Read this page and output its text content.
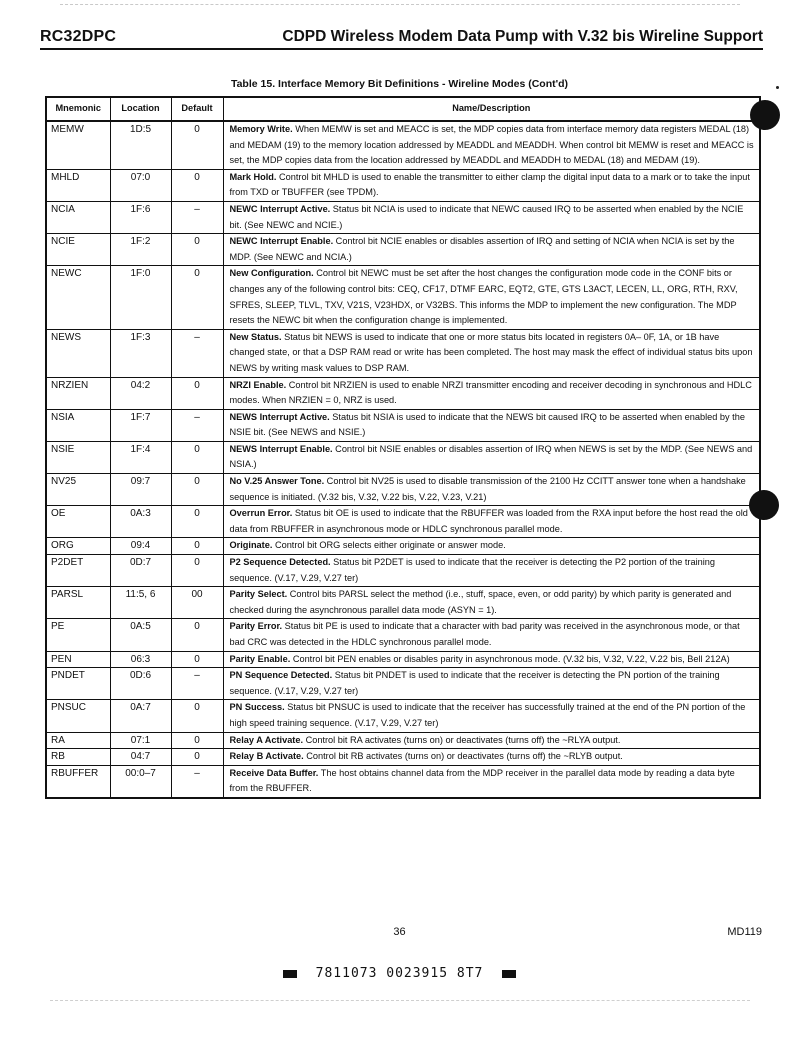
RC32DPC	CDPD Wireless Modem Data Pump with V.32 bis Wireline Support
Table 15. Interface Memory Bit Definitions - Wireline Modes (Cont'd)
Mnemonic	Location	Default	Name/Description
MEMW	1D:5	0	Memory Write. When MEMW is set and MEACC is set, the MDP copies data from interface memory data registers MEDAL (18) and MEDAM (19) to the memory location addressed by MEADDL and MEADDH. When control bit MEMW is reset and MEACC is set, the MDP copies data from the location addressed by MEADDL and MEADDH to MEDAL (18) and MEDAM (19).
MHLD	07:0	0	Mark Hold. Control bit MHLD is used to enable the transmitter to either clamp the digital input data to a mark or to take the input from TXD or TBUFFER (see TPDM).
NCIA	1F:6	–	NEWC Interrupt Active. Status bit NCIA is used to indicate that NEWC caused IRQ to be asserted when enabled by the NCIE bit. (See NEWC and NCIE.)
NCIE	1F:2	0	NEWC Interrupt Enable. Control bit NCIE enables or disables assertion of IRQ and setting of NCIA when NCIA is set by the MDP. (See NEWC and NCIA.)
NEWC	1F:0	0	New Configuration. Control bit NEWC must be set after the host changes the configuration mode code in the CONF bits or changes any of the following control bits: CEQ, CF17, DTMF EARC, EQT2, GTE, GTS L3ACT, LECEN, LL, ORG, RTH, RXV, SFRES, SLEEP, TLVL, TXV, V21S, V23HDX, or V32BS. This informs the MDP to implement the new configuration. The MDP resets the NEWC bit when the configuration change is implemented.
NEWS	1F:3	–	New Status. Status bit NEWS is used to indicate that one or more status bits located in registers 0A– 0F, 1A, or 1B have changed state, or that a DSP RAM read or write has been completed. The host may mask the effect of individual status bits upon NEWS by writing mask values to DSP RAM.
NRZIEN	04:2	0	NRZI Enable. Control bit NRZIEN is used to enable NRZI transmitter encoding and receiver decoding in synchronous and HDLC modes. When NRZIEN = 0, NRZ is used.
NSIA	1F:7	–	NEWS Interrupt Active. Status bit NSIA is used to indicate that the NEWS bit caused IRQ to be asserted when enabled by the NSIE bit. (See NEWS and NSIE.)
NSIE	1F:4	0	NEWS Interrupt Enable. Control bit NSIE enables or disables assertion of IRQ when NEWS is set by the MDP. (See NEWS and NSIA.)
NV25	09:7	0	No V.25 Answer Tone. Control bit NV25 is used to disable transmission of the 2100 Hz CCITT answer tone when a handshake sequence is initiated. (V.32 bis, V.32, V.22 bis, V.22, V.23, V.21)
OE	0A:3	0	Overrun Error. Status bit OE is used to indicate that the RBUFFER was loaded from the RXA input before the host read the old data from RBUFFER in asynchronous mode or HDLC synchronous parallel mode.
ORG	09:4	0	Originate. Control bit ORG selects either originate or answer mode.
P2DET	0D:7	0	P2 Sequence Detected. Status bit P2DET is used to indicate that the receiver is detecting the P2 portion of the training sequence. (V.17, V.29, V.27 ter)
PARSL	11:5, 6	00	Parity Select. Control bits PARSL select the method (i.e., stuff, space, even, or odd parity) by which parity is generated and checked during the asynchronous parallel data mode (ASYN = 1).
PE	0A:5	0	Parity Error. Status bit PE is used to indicate that a character with bad parity was received in the asynchronous mode, or that bad CRC was detected in the HDLC synchronous parallel mode.
PEN	06:3	0	Parity Enable. Control bit PEN enables or disables parity in asynchronous mode. (V.32 bis, V.32, V.22, V.22 bis, Bell 212A)
PNDET	0D:6	–	PN Sequence Detected. Status bit PNDET is used to indicate that the receiver is detecting the PN portion of the training sequence. (V.17, V.29, V.27 ter)
PNSUC	0A:7	0	PN Success. Status bit PNSUC is used to indicate that the receiver has successfully trained at the end of the PN portion of the high speed training sequence. (V.17, V.29, V.27 ter)
RA	07:1	0	Relay A Activate. Control bit RA activates (turns on) or deactivates (turns off) the ~RLYA output.
RB	04:7	0	Relay B Activate. Control bit RB activates (turns on) or deactivates (turns off) the ~RLYB output.
RBUFFER	00:0–7	–	Receive Data Buffer. The host obtains channel data from the MDP receiver in the parallel data mode by reading a data byte from the RBUFFER.
36	MD119
7811073 0023915 8T7
